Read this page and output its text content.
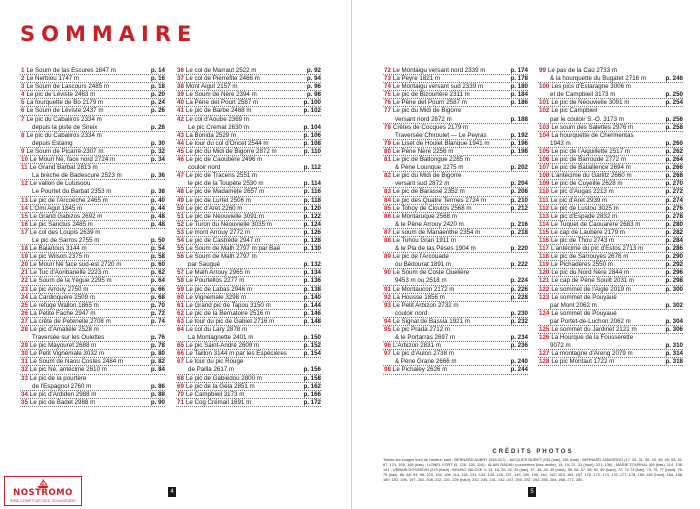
SOMMAIRE
1 Le Soum de las Escures 1847 m	p. 14
2 Le Nerbiou 1747 m	p. 16
3 Le Soum de Lascours 2485 m	p. 18
4 Le pic de Léviste 2463 m	p. 20
5 La fourquette de Bo 2179 m	p. 24
6 Le Soum de Léviste 2437 m	p. 26
7 Le pic du Cabaliros 2334 m
depuis la piste de Sireix	p. 28
8 Le pic du Cabaliros 2334 m
depuis Estaing	p. 30
9 Le Soum de Picarré 2307 m	p. 32
10 Le Mouri Né, face nord 2724 m	p. 34
11 Le Grand Barbat 2813 m
La brèche de Badescure 2523 m	p. 36
12 Le vallon de Lutusoou
Le Pourtet du Barbat 2353 m	p. 38
13 Le pic de l'Arcoèche 2465 m	p. 40
14 L'Omi Agut 1845 m	p. 44
15 Le Grand Gabizos 2692 m	p. 48
16 Le pic Sanctus 2485 m	p. 48
17 Le col des Loupis 2639 m
Le pic de Sarros 2755 m	p. 50
18 Le Balaïtous 3144 m	p. 54
19 Le pic Wilson 2375 m	p. 58
20 Le Mouri Né face sud-est 2720 m	p. 60
21 Le Tuc d'Aoribanelle 2223 m	p. 62
22 Le Soum de la Yègue 2295 m	p. 64
23 Le pic Arrouy 2750 m	p. 66
24 La Cardinquère 2509 m	p. 68
25 Le refuge Wallon 1865 m	p. 70
26 La Petite Fache 2947 m	p. 72
27 La crête de Petenelle 2708 m	p. 74
28 Le pic d'Amalièle 2528 m
Traversée sur les Oulettes	p. 76
29 Le pic Mayouret 2688 m	p. 78
30 Le Petit Vignemale 3032 m	p. 80
31 Le Soum de Naou Costes 2484 m	p. 82
32 Le pic Né, antécime 2610 m	p. 84
33 Le pic de la pourtère
de l'Espagnol 2760 m	p. 86
34 Le pic d'Ardiden 2988 m	p. 88
35 Le pic de Badet 2988 m	p. 90
36 Le col de Marraut 2522 m	p. 92
37 Le col de Pierrefite 2466 m	p. 94
38 Mont Aigut 2157 m	p. 96
39 Le Soum de Nère 2394 m	p. 98
40 La Pène det Pourt 2587 m	p. 100
41 Le pic de Barbe 2468 m	p. 102
42 Le col d'Aoube 2369 m
Le pic Crémat 2630 m	p. 104
43 La Bonida 2529 m	p. 106
44 Le tour du col d'Oncet 2544 m	p. 108
45 Le pic du Midi de Bigorre 2872 m	p. 110
46 Le pic de Caoubère 2496 m
couloir nord	p. 112
47 Le pic de Tracens 2551 m
le pic de la Toupète 2530 m	p. 114
48 Le pic de Madamète 2657 m	p. 116
49 Le pic de Lurtet 2506 m	p. 118
50 Le pic d'Aret 2260 m	p. 120
51 Le pic de Néouvielle 3091 m	p. 122
52 Le Turon du Néouvielle 3035 m	p. 124
53 Le mont Arrouy 2772 m	p. 126
54 Le pic de Castrède 2947 m	p. 128
55 Le Soum de Malh 2797 m par Baë	p. 130
56 Le Soum de Malh 2797 m
par Saugué	p. 132
57 Le Malh Arrouy 2965 m	p. 134
58 Le Pourtellòs 2277 m	p. 136
59 Le pic de Labas 2946 m	p. 138
60 Le Vignemale 3298 m	p. 140
61 Le Grand pic de Tapou 3150 m	p. 144
62 Le pic de la Bernatoire 2516 m	p. 146
63 Le tour du pic de Gabiet 2716 m	p. 148
64 Le col du Lary 2878 m
La Montagnette 2401 m	p. 150
65 Le pic Saint-André 2609 m	p. 152
66 Le Taillon 3144 m par les Espécières	p. 154
67 Le tour du pic Rouge
de Pailla 2617 m	p. 156
68 Le pic de Gabiédou 2800 m	p. 158
69 Le pic de la Géla 2851 m	p. 162
70 Le Campbieil 3173 m	p. 166
71 Le Cog Crémail 1691 m	p. 172
72 Le Montaigu versant nord 2339 m	p. 174
73 La Peyre 1821 m	p. 178
74 Le Montaigu versant sud 2339 m	p. 180
75 Le pic de Bizourtère 2311 m	p. 184
76 Le Pène det Pourri 2587 m	p. 186
77 Le pic du Midi de Bigorre
versant nord 2872 m	p. 188
78 Crêtes de Cocques 2179 m
Traversée Chiroulet — Le Peyras	p. 192
79 Le Liset de Houlet Blanque 1941 m	p. 196
80 Le Pène Nère 2256 m	p. 198
81 Le pic de Batlongue 2285 m
& Pène Lounque 2275 m	p. 202
82 Le pic du Midi de Bigorre
versant sud 2872 m	p. 204
83 Le pic de Barassé 2352 m	p. 208
84 Le pic des Quatre Termes 2724 m	p. 210
85 Le Tohoy de Cloutos 2568 m	p. 212
86 Le Montaruque 2568 m
& le Pène Arrouy 2420 m	p. 216
87 Le soum de Manaenthe 2354 m	p. 218
88 Le Tuhou Gran 1911 m
& le Pla de las Pèses 1904 m	p. 220
89 Le pic de l'Arcouade
ou Bédourat 1891 m	p. 222
90 Le Soum de Coste Ouelière
9453 m ou 2518 m	p. 224
91 Le Montaucon 2172 m	p. 226
92 La Housse 1856 m	p. 228
93 Le Petit Arbizon 2732 m
couloir nord	p. 230
94 Le Signal de Bassia 1921 m	p. 232
95 Le pic Prada 2712 m
& le Portarras 2697 m	p. 234
96 L'Arbizon 2831 m	p. 236
97 Le pic d'Aulon 2738 m
& Pène Grane 2666 m	p. 240
98 Le Pichaley 2626 m	p. 244
99 Le pas de la Caú 2733 m
& la hourquette du Bugatet 2716 m	p. 246
100 Les pics d'Estaragne 3006 m
et de Campbieil 3173 m	p. 250
101 Le pic de Néouvielle 3091 m	p. 254
102 Le pic Campbieil
par le couloir S.-O. 3173 m	p. 256
103 Le soum des Salettes 2976 m	p. 258
104 La hourquette de Chermentas
1943 m	p. 260
105 Le pic de l'Aiguillette 2517 m	p. 262
106 Le pic de Barroude 2772 m	p. 264
107 Le pic de Bataillence 2694 m	p. 266
108 L'antécime du Garlitz 2660 m	p. 268
109 Le pic de Cuyeille 2628 m	p. 270
110 Le pic d'Augas 2213 m	p. 272
111 Le pic d'Aret 2939 m	p. 274
112 Le pic de Lustou 3025 m	p. 276
113 Le pic d'Espade 2832 m	p. 278
114 Le Tuquet de Caouarère 2683 m	p. 280
115 Le cap de Laubère 2179 m	p. 282
116 Le pic de Thou 2743 m	p. 284
117 L'antécime du pic d'Estos 2713 m	p. 286
118 Le pic de Sarrouyès 2676 m	p. 290
119 Le Pichadères 2550 m	p. 292
120 Le pic du Nord Nère 2844 m	p. 296
121 Le cap de Pène Souilt 2031 m	p. 298
122 Le sommet de l'Aigle 2019 m	p. 300
123 Le sommet de Pouyaué
par Mont 2062 m	p. 302
124 Le sommet de Pouyaué
par Portet-de-Luchon 2062 m	p. 304
125 Le sommet du Jardinet 2121 m	p. 306
126 La Hourque de la Fousserette
9072 m	p. 310
127 La montagne d'Areng 2079 m	p. 314
128 Le pic Montaut 1722 m	p. 318
CRÉDITS PHOTOS
Toutes les images sont de l'auteur, sauf : BERNARD AUBRY (316-317) ; JACQUES BURET (234 (bas), 251 (bas) ; BERNARD JAMOIROO (17, 29, 31, 39, 43, 45, 46, 53, 61, 67, 121, 165, 169 (bas) ; LIONEL FORT (5, 126, 130, 116) ; ALAIN RADAU (couverture (bas droite), 15, 19, 21, 31 (haut), 121, 136) ; MARIE TOURNAL (69 (bas), 114, 136, 141 ; URBAIN DOSSEDIN (219 (haut) ; BRUNO VALCKE 4, 13, 18, 20, 22, 33 (bas), 37, 38, 44, 49 (haut), 55, 56, 57, 58, 62, 69 (haut), 70, 72-73 (bas), 74, 75, 77 (haut), 78-79 (bas), 86, 88, 93, 96, 103, 104, 108, 114, 118, 131, 132, 134, 135, 137, 149, 150, 155, 161, 162, 163, 164, 167, 170, 172, 174, 176, 177, 178, 180, 182 (haut), 184, 188, 189, 192, 196, 197, 202, 206, 212, 221, 226 (haut), 232, 236, 241, 242, 247, 250, 252, 254, 255, 264, 268, 272, 280.
4	5
NOSTROMO
WEB COMPTOIR DES VOYAGEURS
